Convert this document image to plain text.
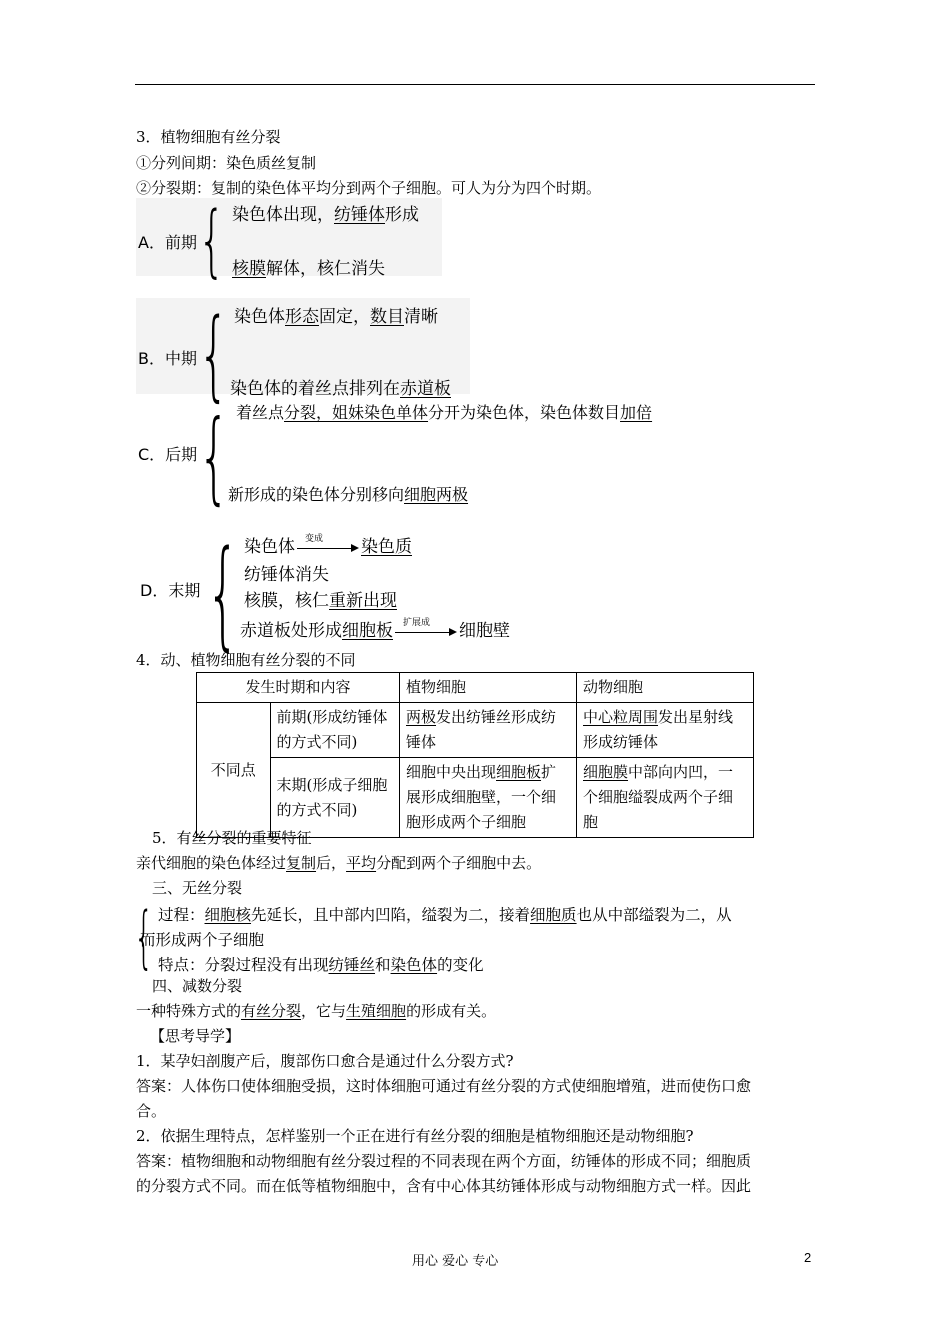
3．植物细胞有丝分裂
①分列间期：染色质丝复制
②分裂期：复制的染色体平均分到两个子细胞。可人为分为四个时期。
A．前期 { 染色体出现，纺锤体形成
核膜解体，核仁消失
B．中期 { 染色体形态固定，数目清晰
染色体的着丝点排列在赤道板
C．后期 { 着丝点分裂，姐妹染色单体分开为染色体，染色体数目加倍
新形成的染色体分别移向细胞两极
D．末期 { 染色体 变成 染色质
纺锤体消失
核膜，核仁重新出现
赤道板处形成细胞板 扩展成 细胞壁
4．动、植物细胞有丝分裂的不同
发生时期和内容		植物细胞	动物细胞
不同点	前期(形成纺锤体的方式不同)	两极发出纺锤丝形成纺锤体	中心粒周围发出星射线形成纺锤体
	末期(形成子细胞的方式不同)	细胞中央出现细胞板扩展形成细胞壁，一个细胞形成两个子细胞	细胞膜中部向内凹，一个细胞缢裂成两个子细胞
5．有丝分裂的重要特征
亲代细胞的染色体经过复制后，平均分配到两个子细胞中去。
三、无丝分裂
{ 过程：细胞核先延长，且中部内凹陷，缢裂为二，接着细胞质也从中部缢裂为二，从
而形成两个子细胞
特点：分裂过程没有出现纺锤丝和染色体的变化
四、减数分裂
一种特殊方式的有丝分裂，它与生殖细胞的形成有关。
【思考导学】
1．某孕妇剖腹产后，腹部伤口愈合是通过什么分裂方式?
答案：人体伤口使体细胞受损，这时体细胞可通过有丝分裂的方式使细胞增殖，进而使伤口愈
合。
2．依据生理特点，怎样鉴别一个正在进行有丝分裂的细胞是植物细胞还是动物细胞?
答案：植物细胞和动物细胞有丝分裂过程的不同表现在两个方面，纺锤体的形成不同；细胞质
的分裂方式不同。而在低等植物细胞中，含有中心体其纺锤体形成与动物细胞方式一样。因此
用心 爱心 专心	2
